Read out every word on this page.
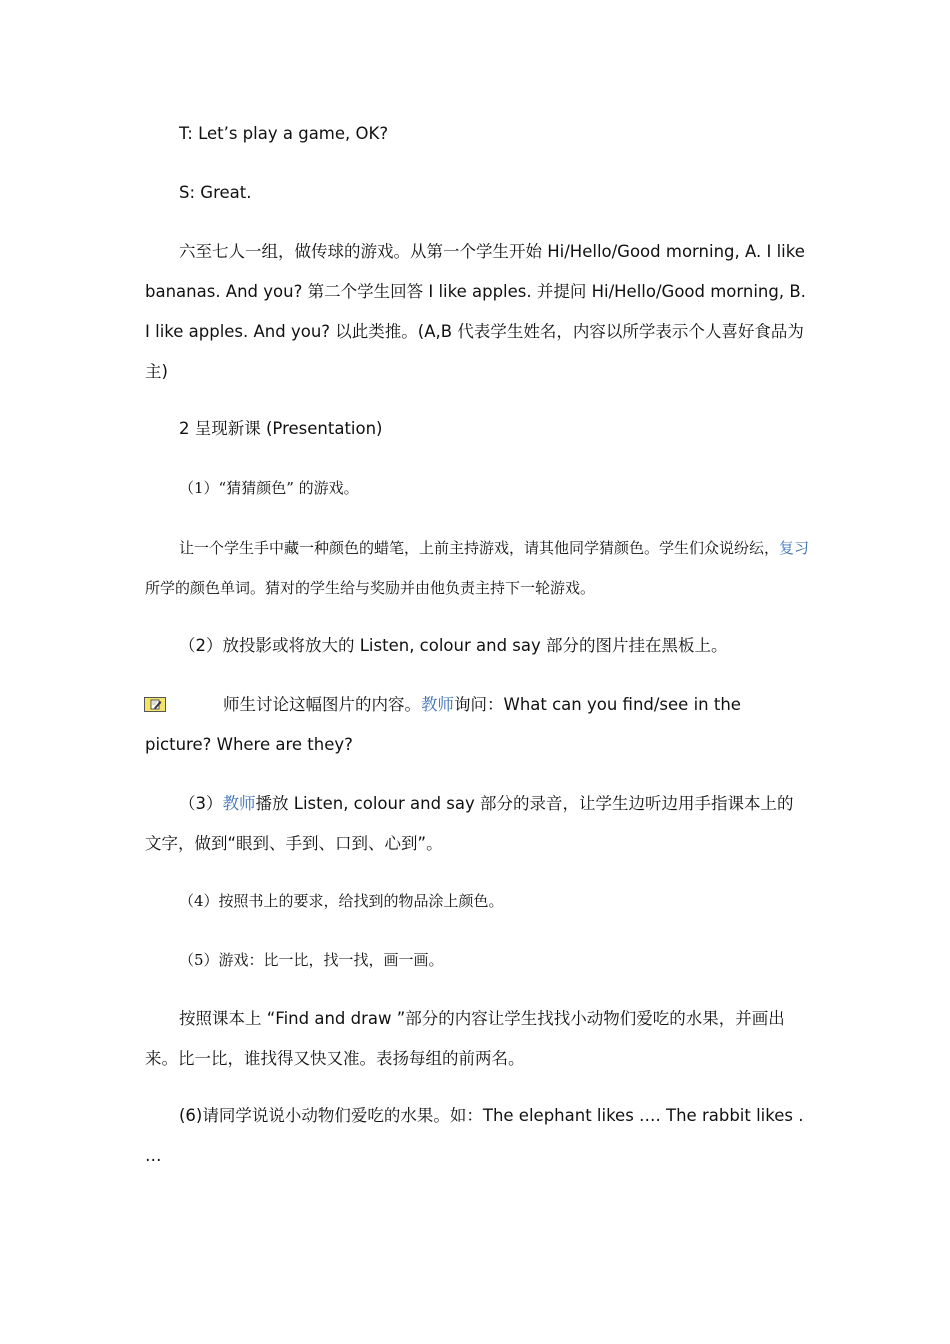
T: Let’s play a game, OK?

S: Great.

六至七人一组，做传球的游戏。从第一个学生开始 Hi/Hello/Good morning, A. I like bananas. And you? 第二个学生回答 I like apples. 并提问 Hi/Hello/Good morning, B. I like apples. And you? 以此类推。(A,B 代表学生姓名，内容以所学表示个人喜好食品为主)

2 呈现新课 (Presentation)

（1）“猜猜颜色” 的游戏。

让一个学生手中藏一种颜色的蜡笔，上前主持游戏，请其他同学猜颜色。学生们众说纷纭，复习所学的颜色单词。猜对的学生给与奖励并由他负责主持下一轮游戏。

（2）放投影或将放大的 Listen, colour and say 部分的图片挂在黑板上。

师生讨论这幅图片的内容。教师询问：What can you find/see in the picture? Where are they?

（3）教师播放 Listen, colour and say 部分的录音，让学生边听边用手指课本上的文字，做到“眼到、手到、口到、心到”。

（4）按照书上的要求，给找到的物品涂上颜色。

（5）游戏：比一比，找一找，画一画。

按照课本上 “Find and draw ”部分的内容让学生找找小动物们爱吃的水果，并画出来。比一比，谁找得又快又准。表扬每组的前两名。

(6)请同学说说小动物们爱吃的水果。如：The elephant likes …. The rabbit likes . …
